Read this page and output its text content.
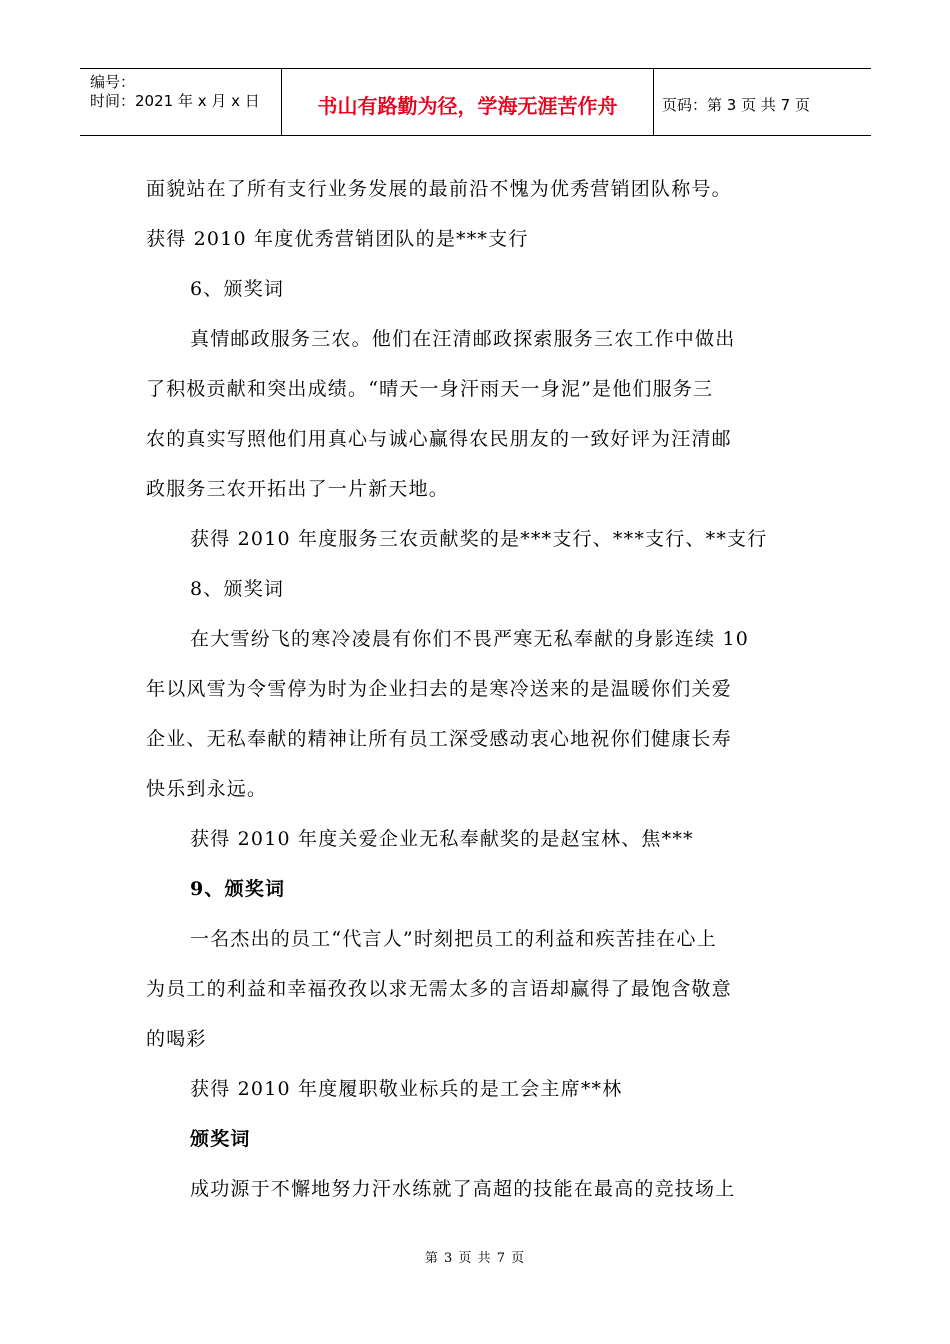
编号：
时间：2021 年 x 月 x 日	书山有路勤为径，学海无涯苦作舟	页码：第 3 页 共 7 页

面貌站在了所有支行业务发展的最前沿不愧为优秀营销团队称号。

获得 2010 年度优秀营销团队的是***支行

6、颁奖词

真情邮政服务三农。他们在汪清邮政探索服务三农工作中做出

了积极贡献和突出成绩。“晴天一身汗雨天一身泥”是他们服务三

农的真实写照他们用真心与诚心赢得农民朋友的一致好评为汪清邮

政服务三农开拓出了一片新天地。

获得 2010 年度服务三农贡献奖的是***支行、***支行、**支行

8、颁奖词

在大雪纷飞的寒冷凌晨有你们不畏严寒无私奉献的身影连续 10

年以风雪为令雪停为时为企业扫去的是寒冷送来的是温暖你们关爱

企业、无私奉献的精神让所有员工深受感动衷心地祝你们健康长寿

快乐到永远。

获得 2010 年度关爱企业无私奉献奖的是赵宝林、焦***

9、颁奖词

一名杰出的员工“代言人”时刻把员工的利益和疾苦挂在心上

为员工的利益和幸福孜孜以求无需太多的言语却赢得了最饱含敬意

的喝彩

获得 2010 年度履职敬业标兵的是工会主席**林

颁奖词

成功源于不懈地努力汗水练就了高超的技能在最高的竞技场上

第 3 页 共 7 页
